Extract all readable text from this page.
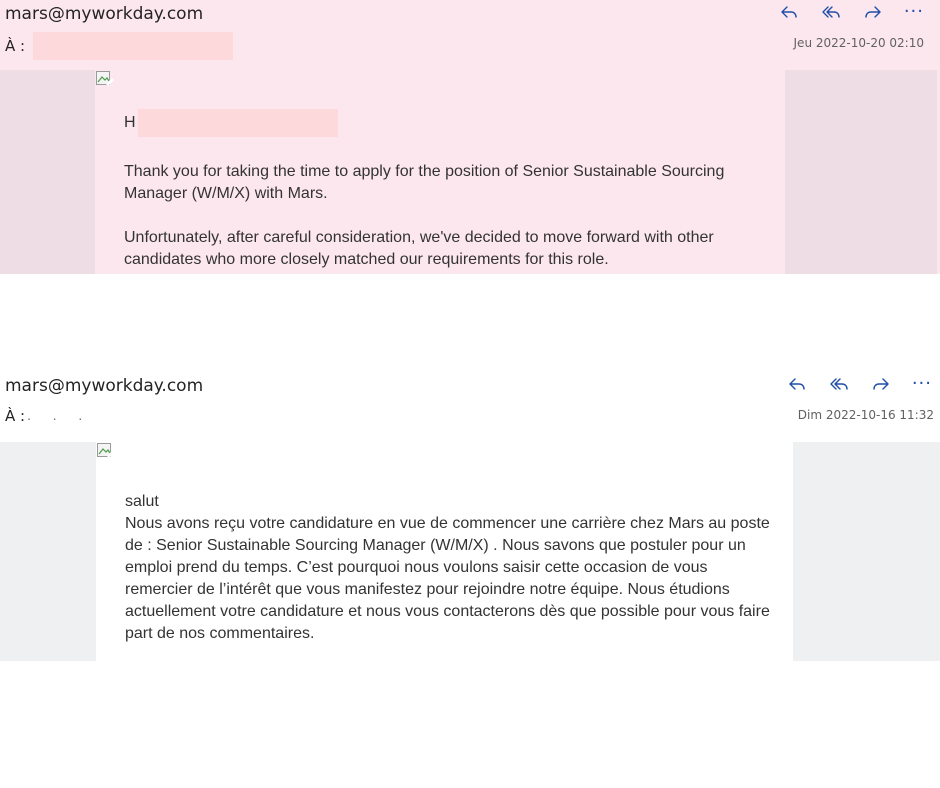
mars@myworkday.com
À :	Jeu 2022-10-20 02:10
···
H
Thank you for taking the time to apply for the position of Senior Sustainable Sourcing Manager (W/M/X) with Mars.
Unfortunately, after careful consideration, we've decided to move forward with other candidates who more closely matched our requirements for this role.
mars@myworkday.com
À : . . .	Dim 2022-10-16 11:32
···
salut
Nous avons reçu votre candidature en vue de commencer une carrière chez Mars au poste de : Senior Sustainable Sourcing Manager (W/M/X) . Nous savons que postuler pour un emploi prend du temps. C’est pourquoi nous voulons saisir cette occasion de vous remercier de l’intérêt que vous manifestez pour rejoindre notre équipe. Nous étudions actuellement votre candidature et nous vous contacterons dès que possible pour vous faire part de nos commentaires.
